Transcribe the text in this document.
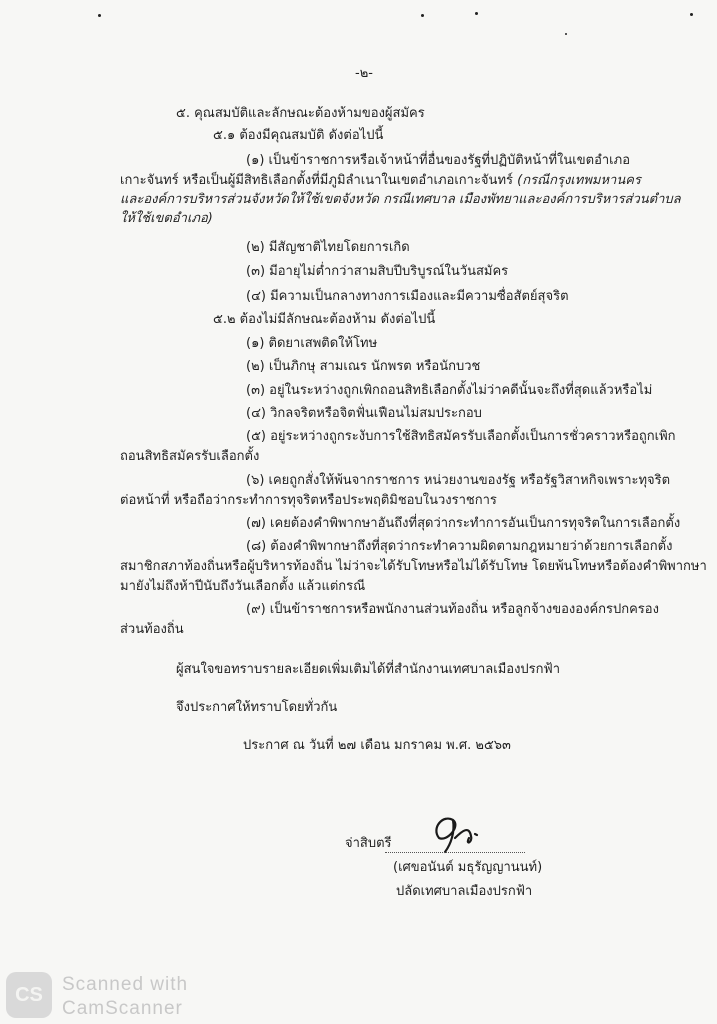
-๒-
๕. คุณสมบัติและลักษณะต้องห้ามของผู้สมัคร
๕.๑ ต้องมีคุณสมบัติ ดังต่อไปนี้
(๑) เป็นข้าราชการหรือเจ้าหน้าที่อื่นของรัฐที่ปฏิบัติหน้าที่ในเขตอำเภอ
เกาะจันทร์ หรือเป็นผู้มีสิทธิเลือกตั้งที่มีภูมิลำเนาในเขตอำเภอเกาะจันทร์ (กรณีกรุงเทพมหานคร
และองค์การบริหารส่วนจังหวัดให้ใช้เขตจังหวัด กรณีเทศบาล เมืองพัทยาและองค์การบริหารส่วนตำบล
ให้ใช้เขตอำเภอ)
(๒) มีสัญชาติไทยโดยการเกิด
(๓) มีอายุไม่ต่ำกว่าสามสิบปีบริบูรณ์ในวันสมัคร
(๔) มีความเป็นกลางทางการเมืองและมีความซื่อสัตย์สุจริต
๕.๒ ต้องไม่มีลักษณะต้องห้าม ดังต่อไปนี้
(๑) ติดยาเสพติดให้โทษ
(๒) เป็นภิกษุ สามเณร นักพรต หรือนักบวช
(๓) อยู่ในระหว่างถูกเพิกถอนสิทธิเลือกตั้งไม่ว่าคดีนั้นจะถึงที่สุดแล้วหรือไม่
(๔) วิกลจริตหรือจิตฟั่นเฟือนไม่สมประกอบ
(๕) อยู่ระหว่างถูกระงับการใช้สิทธิสมัครรับเลือกตั้งเป็นการชั่วคราวหรือถูกเพิก
ถอนสิทธิสมัครรับเลือกตั้ง
(๖) เคยถูกสั่งให้พ้นจากราชการ หน่วยงานของรัฐ หรือรัฐวิสาหกิจเพราะทุจริต
ต่อหน้าที่ หรือถือว่ากระทำการทุจริตหรือประพฤติมิชอบในวงราชการ
(๗) เคยต้องคำพิพากษาอันถึงที่สุดว่ากระทำการอันเป็นการทุจริตในการเลือกตั้ง
(๘) ต้องคำพิพากษาถึงที่สุดว่ากระทำความผิดตามกฎหมายว่าด้วยการเลือกตั้ง
สมาชิกสภาท้องถิ่นหรือผู้บริหารท้องถิ่น ไม่ว่าจะได้รับโทษหรือไม่ได้รับโทษ โดยพ้นโทษหรือต้องคำพิพากษา
มายังไม่ถึงห้าปีนับถึงวันเลือกตั้ง แล้วแต่กรณี
(๙) เป็นข้าราชการหรือพนักงานส่วนท้องถิ่น หรือลูกจ้างขององค์กรปกครอง
ส่วนท้องถิ่น
ผู้สนใจขอทราบรายละเอียดเพิ่มเติมได้ที่สำนักงานเทศบาลเมืองปรกฟ้า
จึงประกาศให้ทราบโดยทั่วกัน
ประกาศ ณ วันที่ ๒๗ เดือน มกราคม พ.ศ. ๒๕๖๓
จ่าสิบตรี
(เศขอนันต์ มธุรัญญานนท์)
ปลัดเทศบาลเมืองปรกฟ้า
CS Scanned with
CamScanner
